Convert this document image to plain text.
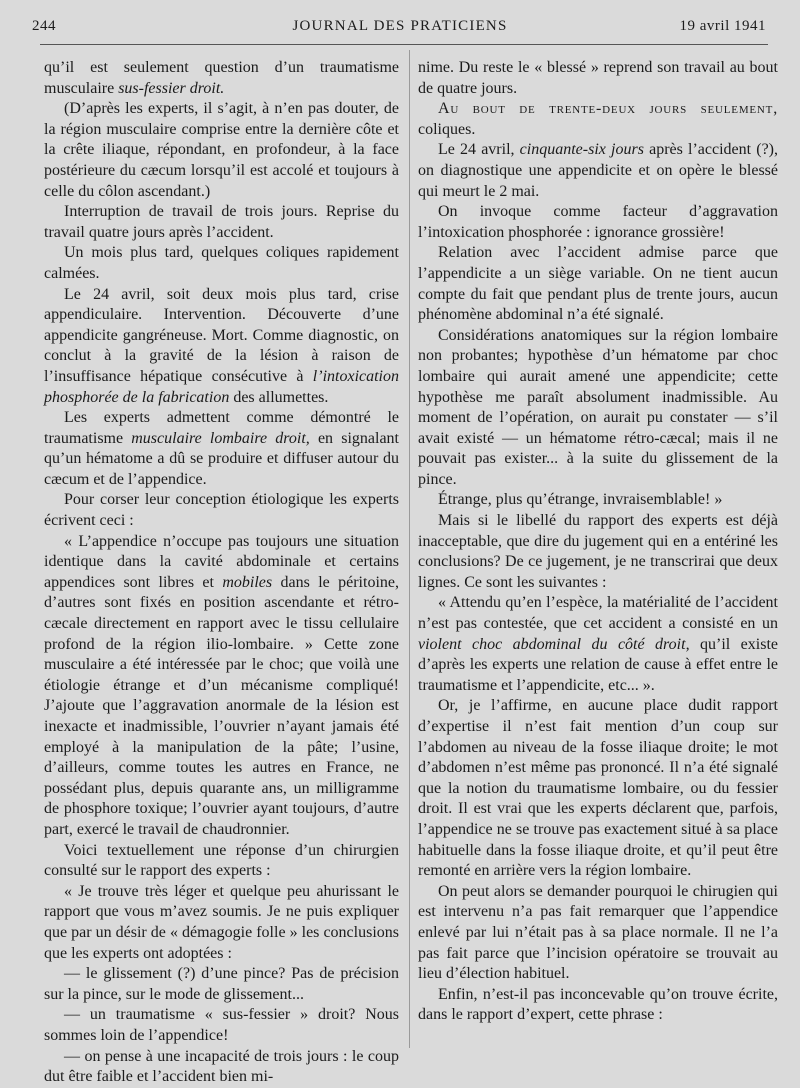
244	JOURNAL DES PRATICIENS	19 avril 1941

qu’il est seulement question d’un traumatisme musculaire sus-fessier droit.

(D’après les experts, il s’agit, à n’en pas douter, de la région musculaire comprise entre la dernière côte et la crête iliaque, répondant, en profondeur, à la face postérieure du cæcum lorsqu’il est accolé et toujours à celle du côlon ascendant.)

Interruption de travail de trois jours. Reprise du travail quatre jours après l’accident.

Un mois plus tard, quelques coliques rapidement calmées.

Le 24 avril, soit deux mois plus tard, crise appendiculaire. Intervention. Découverte d’une appendicite gangréneuse. Mort. Comme diagnostic, on conclut à la gravité de la lésion à raison de l’insuffisance hépatique consécutive à l’intoxication phosphorée de la fabrication des allumettes.

Les experts admettent comme démontré le traumatisme musculaire lombaire droit, en signalant qu’un hématome a dû se produire et diffuser autour du cæcum et de l’appendice.

Pour corser leur conception étiologique les experts écrivent ceci :

« L’appendice n’occupe pas toujours une situation identique dans la cavité abdominale et certains appendices sont libres et mobiles dans le péritoine, d’autres sont fixés en position ascendante et rétro-cæcale directement en rapport avec le tissu cellulaire profond de la région ilio-lombaire. » Cette zone musculaire a été intéressée par le choc; que voilà une étiologie étrange et d’un mécanisme compliqué! J’ajoute que l’aggravation anormale de la lésion est inexacte et inadmissible, l’ouvrier n’ayant jamais été employé à la manipulation de la pâte; l’usine, d’ailleurs, comme toutes les autres en France, ne possédant plus, depuis quarante ans, un milligramme de phosphore toxique; l’ouvrier ayant toujours, d’autre part, exercé le travail de chaudronnier.

Voici textuellement une réponse d’un chirurgien consulté sur le rapport des experts :

« Je trouve très léger et quelque peu ahurissant le rapport que vous m’avez soumis. Je ne puis expliquer que par un désir de « démagogie folle » les conclusions que les experts ont adoptées :

— le glissement (?) d’une pince? Pas de précision sur la pince, sur le mode de glissement...

— un traumatisme « sus-fessier » droit? Nous sommes loin de l’appendice!

— on pense à une incapacité de trois jours : le coup dut être faible et l’accident bien mi-

nime. Du reste le « blessé » reprend son travail au bout de quatre jours.

Au bout de trente-deux jours seulement, coliques.

Le 24 avril, cinquante-six jours après l’accident (?), on diagnostique une appendicite et on opère le blessé qui meurt le 2 mai.

On invoque comme facteur d’aggravation l’intoxication phosphorée : ignorance grossière!

Relation avec l’accident admise parce que l’appendicite a un siège variable. On ne tient aucun compte du fait que pendant plus de trente jours, aucun phénomène abdominal n’a été signalé.

Considérations anatomiques sur la région lombaire non probantes; hypothèse d’un hématome par choc lombaire qui aurait amené une appendicite; cette hypothèse me paraît absolument inadmissible. Au moment de l’opération, on aurait pu constater — s’il avait existé — un hématome rétro-cæcal; mais il ne pouvait pas exister... à la suite du glissement de la pince.

Étrange, plus qu’étrange, invraisemblable! »

Mais si le libellé du rapport des experts est déjà inacceptable, que dire du jugement qui en a entériné les conclusions? De ce jugement, je ne transcrirai que deux lignes. Ce sont les suivantes :

« Attendu qu’en l’espèce, la matérialité de l’accident n’est pas contestée, que cet accident a consisté en un violent choc abdominal du côté droit, qu’il existe d’après les experts une relation de cause à effet entre le traumatisme et l’appendicite, etc... ».

Or, je l’affirme, en aucune place dudit rapport d’expertise il n’est fait mention d’un coup sur l’abdomen au niveau de la fosse iliaque droite; le mot d’abdomen n’est même pas prononcé. Il n’a été signalé que la notion du traumatisme lombaire, ou du fessier droit. Il est vrai que les experts déclarent que, parfois, l’appendice ne se trouve pas exactement situé à sa place habituelle dans la fosse iliaque droite, et qu’il peut être remonté en arrière vers la région lombaire.

On peut alors se demander pourquoi le chirugien qui est intervenu n’a pas fait remarquer que l’appendice enlevé par lui n’était pas à sa place normale. Il ne l’a pas fait parce que l’incision opératoire se trouvait au lieu d’élection habituel.

Enfin, n’est-il pas inconcevable qu’on trouve écrite, dans le rapport d’expert, cette phrase :
